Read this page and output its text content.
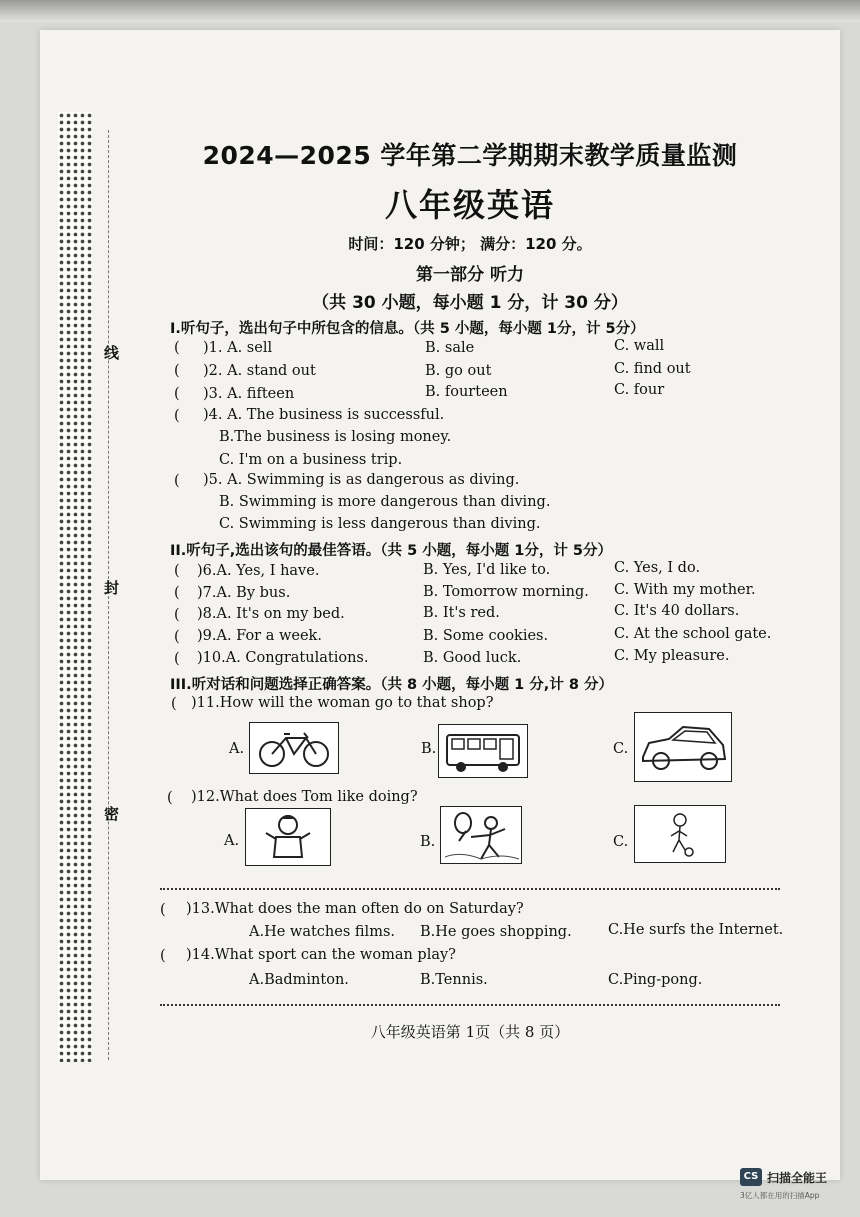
线
封
密
2024—2025 学年第二学期期末教学质量监测
八年级英语
时间：120 分钟； 满分：120 分。
第一部分 听力
（共 30 小题，每小题 1 分，计 30 分）
I.听句子，选出句子中所包含的信息。（共 5 小题，每小题 1分，计 5分）
( )1. A. sell	B. sale	C. wall
( )2. A. stand out	B. go out	C. find out
( )3. A. fifteen	B. fourteen	C. four
( )4. A. The business is successful.
B.The business is losing money.
C. I'm on a business trip.
( )5. A. Swimming is as dangerous as diving.
B. Swimming is more dangerous than diving.
C. Swimming is less dangerous than diving.
II.听句子,选出该句的最佳答语。（共 5 小题，每小题 1分，计 5分）
( )6.A. Yes, I have.	B. Yes, I'd like to.	C. Yes, I do.
( )7.A. By bus.	B. Tomorrow morning. C. With my mother.
( )8.A. It's on my bed.	B. It's red.	C. It's 40 dollars.
( )9.A. For a week.	B. Some cookies.	C. At the school gate.
( )10.A. Congratulations.	B. Good luck.	C. My pleasure.
III.听对话和问题选择正确答案。（共 8 小题，每小题 1 分,计 8 分）
( )11.How will the woman go to that shop?
A.	B.	C.
( )12.What does Tom like doing?
A.	B.	C.
( )13.What does the man often do on Saturday?
A.He watches films. B.He goes shopping.	C.He surfs the Internet.
( )14.What sport can the woman play?
A.Badminton.	B.Tennis.	C.Ping-pong.
八年级英语第 1页（共 8 页）
CS 扫描全能王
3亿人都在用的扫描App
